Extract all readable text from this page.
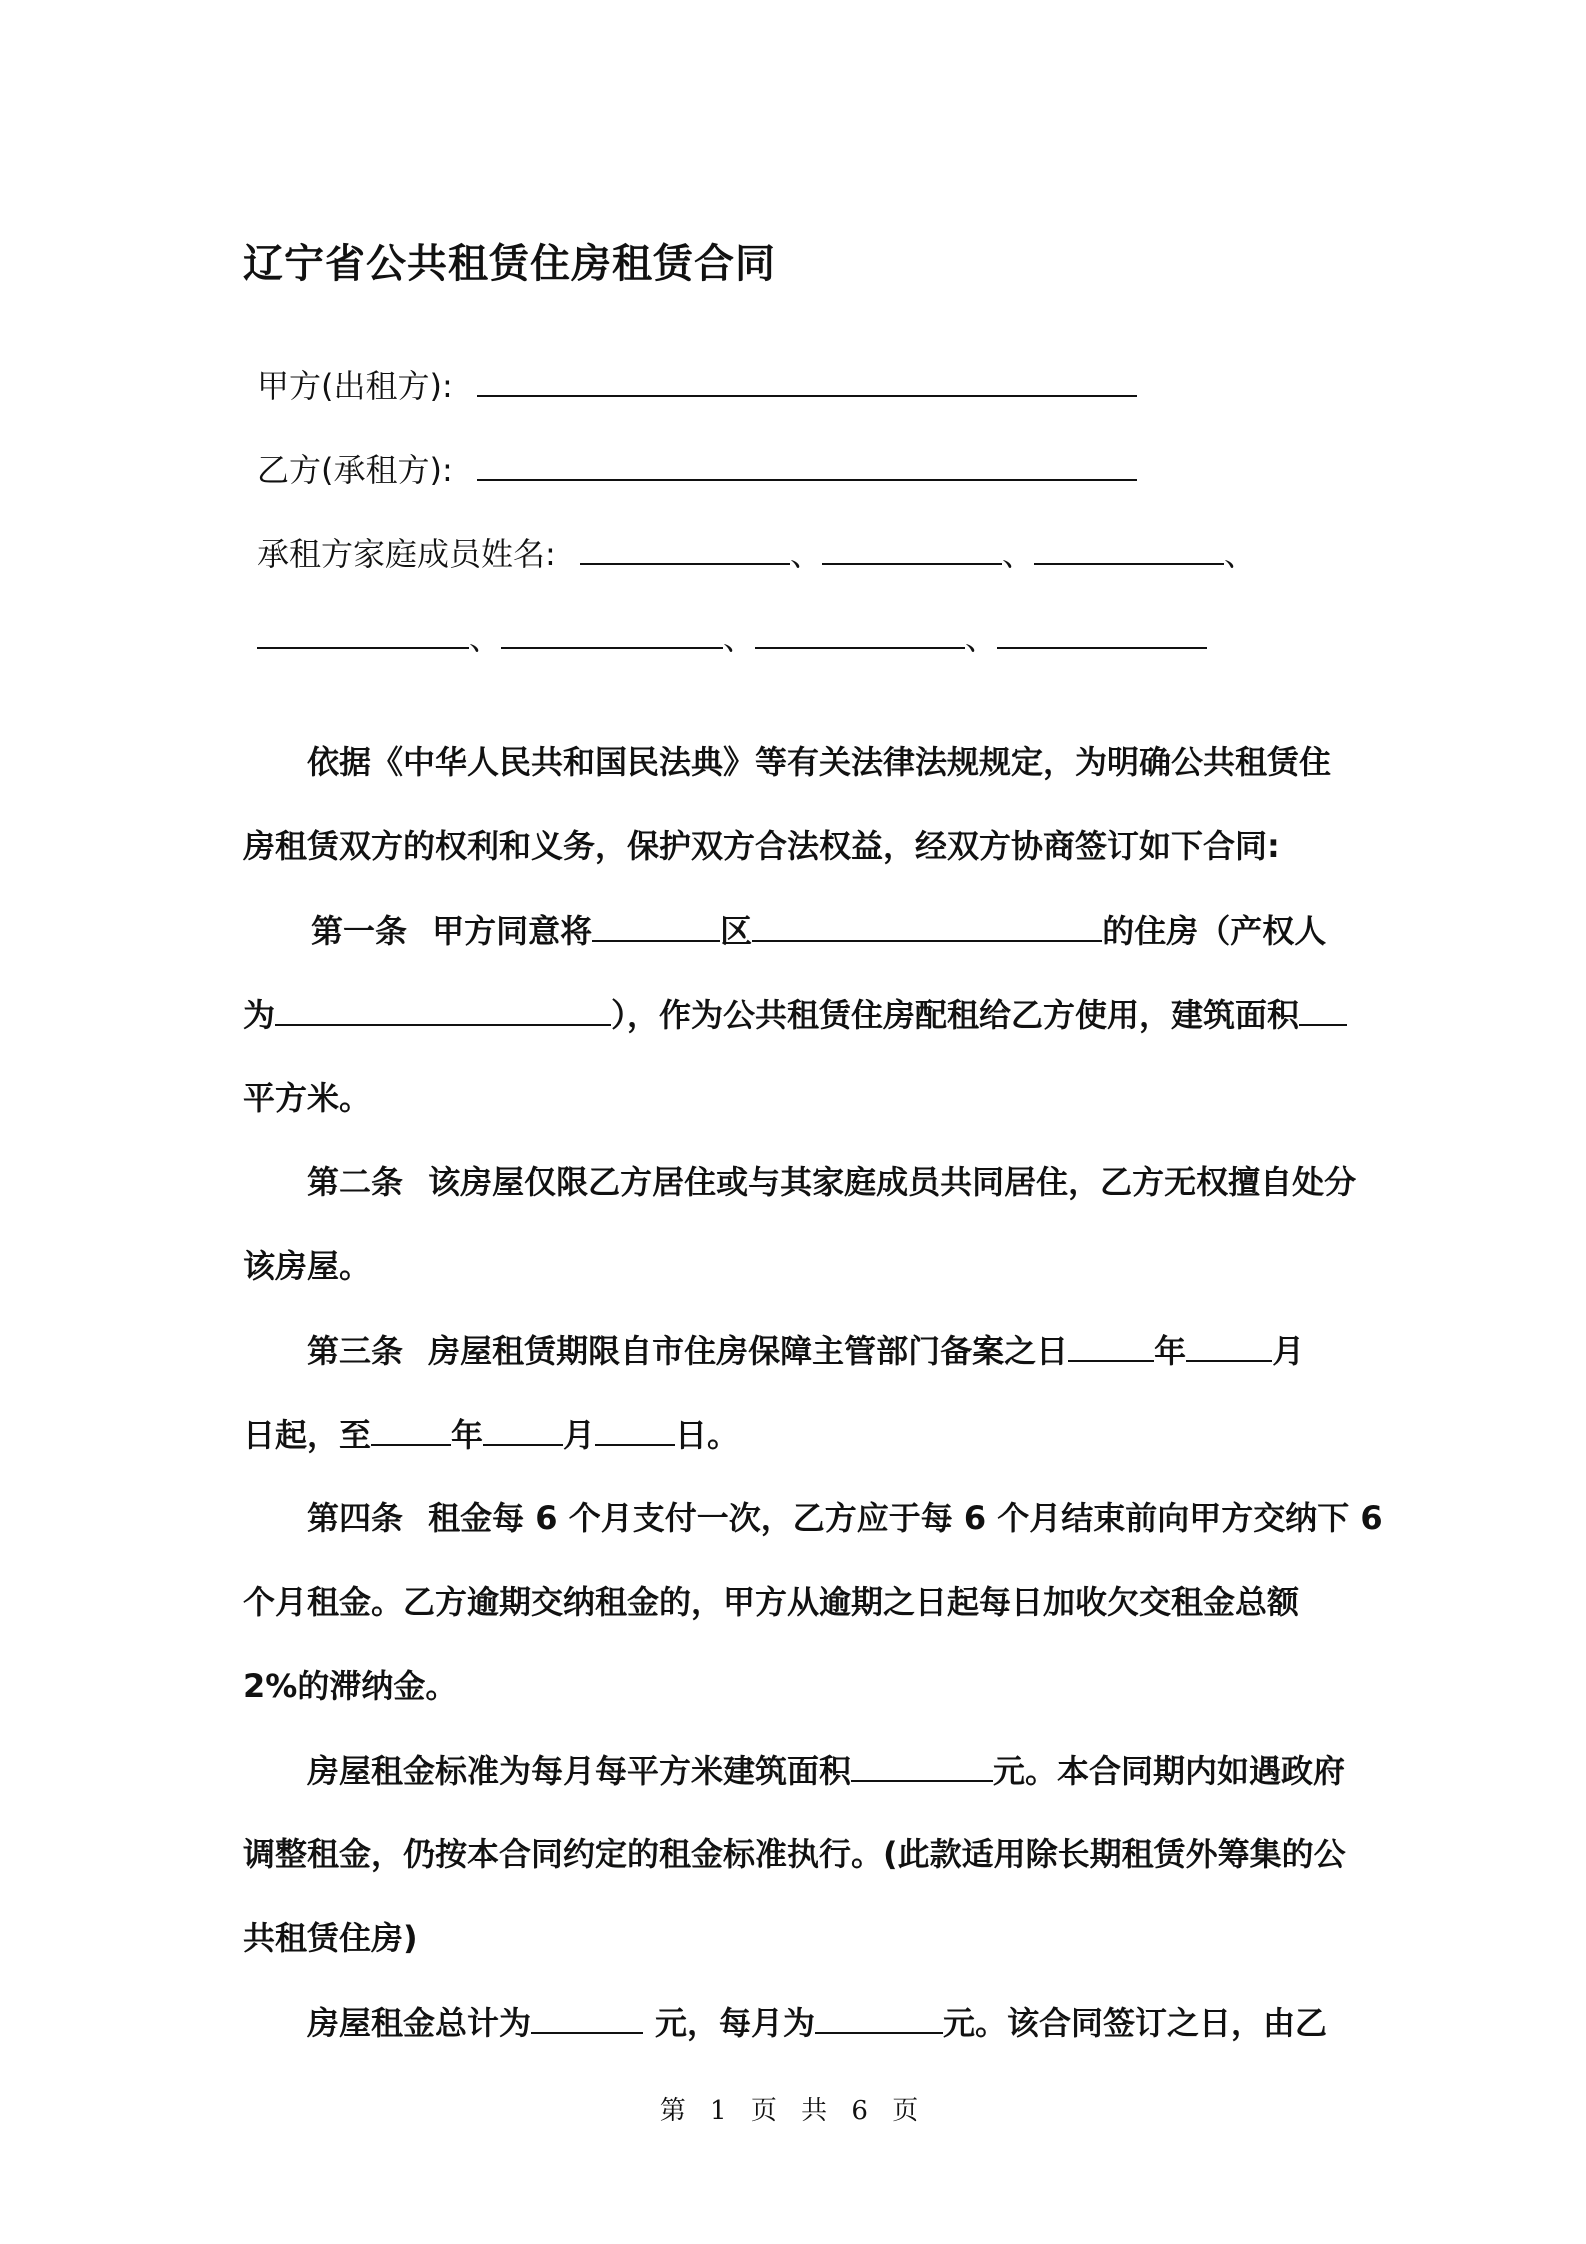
辽宁省公共租赁住房租赁合同
甲方(出租方):
乙方(承租方):
承租方家庭成员姓名:	、	、	、
、	、	、
依据《中华人民共和国民法典》等有关法律法规规定，为明确公共租赁住
房租赁双方的权利和义务，保护双方合法权益，经双方协商签订如下合同:
第一条 甲方同意将	区	的住房（产权人
为	），作为公共租赁住房配租给乙方使用，建筑面积
平方米。
第二条 该房屋仅限乙方居住或与其家庭成员共同居住，乙方无权擅自处分
该房屋。
第三条 房屋租赁期限自市住房保障主管部门备案之日	年	月
日起，至	年	月	日。
第四条 租金每 6 个月支付一次，乙方应于每 6 个月结束前向甲方交纳下 6
个月租金。乙方逾期交纳租金的，甲方从逾期之日起每日加收欠交租金总额
2%的滞纳金。
房屋租金标准为每月每平方米建筑面积	元。本合同期内如遇政府
调整租金，仍按本合同约定的租金标准执行。(此款适用除长期租赁外筹集的公
共租赁住房)
房屋租金总计为	元，每月为	元。该合同签订之日，由乙
第 1 页 共 6 页
